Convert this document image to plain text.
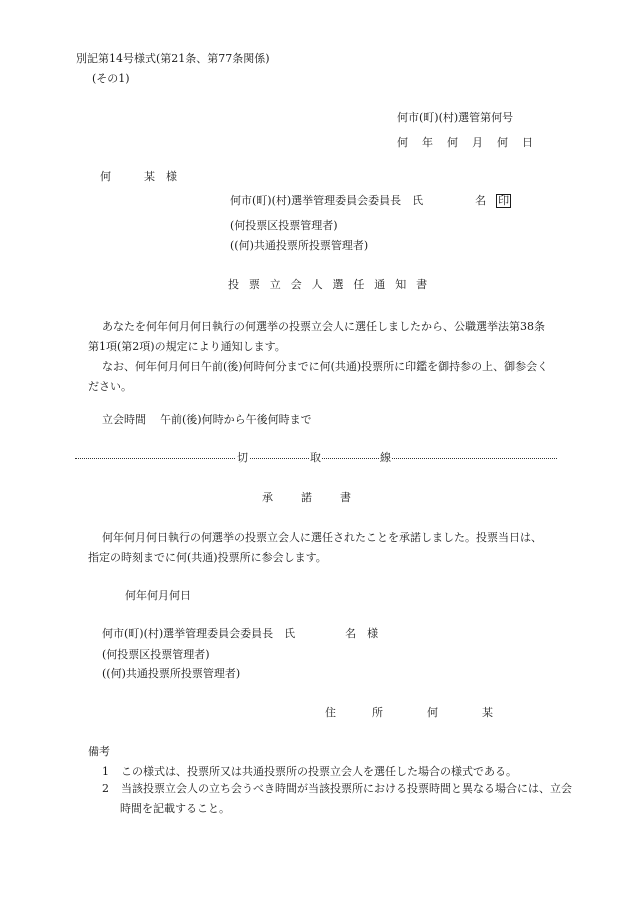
別記第14号様式(第21条、第77条関係)
(その1)
何市(町)(村)選管第何号
何 年 何 月 何 日
何　　　某　様
何市(町)(村)選挙管理委員会委員長　氏	名 印
(何投票区投票管理者)
((何)共通投票所投票管理者)
投票立会人選任通知書
あなたを何年何月何日執行の何選挙の投票立会人に選任しましたから、公職選挙法第38条第1項(第2項)の規定により通知します。
なお、何年何月何日午前(後)何時何分までに何(共通)投票所に印鑑を御持参の上、御参会ください。
立会時間 午前(後)何時から午後何時まで
切	取	線
承	諾	書
何年何月何日執行の何選挙の投票立会人に選任されたことを承諾しました。投票当日は、指定の時刻までに何(共通)投票所に参会します。
何年何月何日
何市(町)(村)選挙管理委員会委員長　氏	名　様
(何投票区投票管理者)
((何)共通投票所投票管理者)
住	所	何	某
備考
1 この様式は、投票所又は共通投票所の投票立会人を選任した場合の様式である。
2 当該投票立会人の立ち会うべき時間が当該投票所における投票時間と異なる場合には、立会時間を記載すること。
